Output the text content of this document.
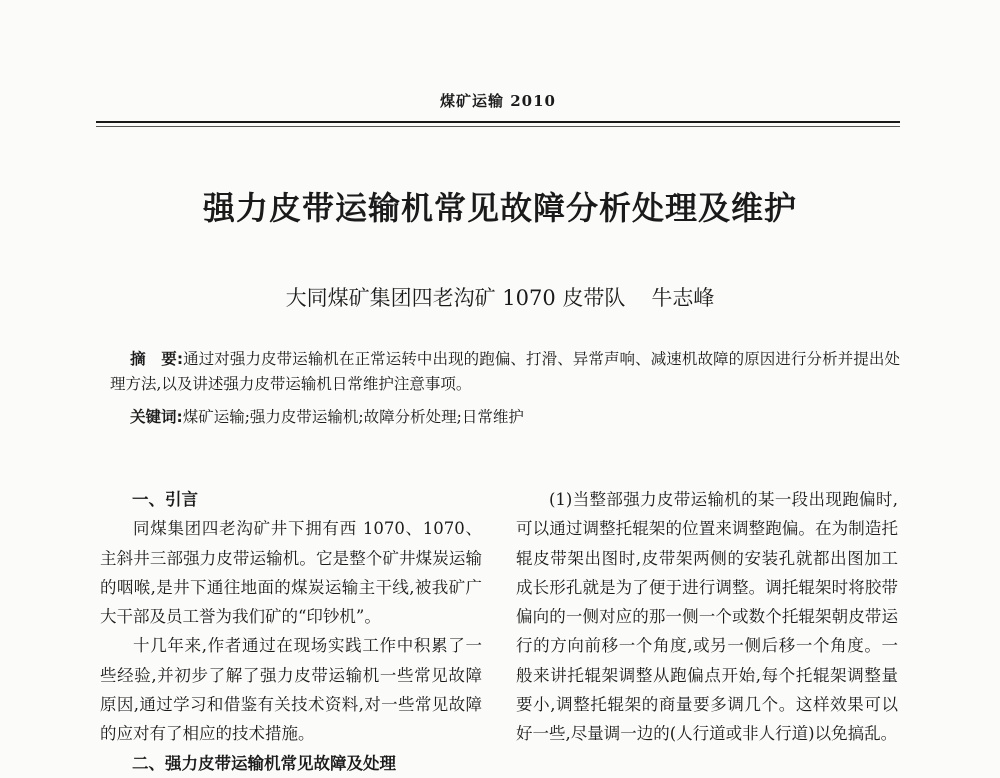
煤矿运输 2010
强力皮带运输机常见故障分析处理及维护
大同煤矿集团四老沟矿 1070 皮带队 牛志峰
摘　要:通过对强力皮带运输机在正常运转中出现的跑偏、打滑、异常声响、减速机故障的原因进行分析并提出处理方法,以及讲述强力皮带运输机日常维护注意事项。
关键词:煤矿运输;强力皮带运输机;故障分析处理;日常维护
一、引言

同煤集团四老沟矿井下拥有西 1070、1070、主斜井三部强力皮带运输机。它是整个矿井煤炭运输的咽喉,是井下通往地面的煤炭运输主干线,被我矿广大干部及员工誉为我们矿的“印钞机”。

十几年来,作者通过在现场实践工作中积累了一些经验,并初步了解了强力皮带运输机一些常见故障原因,通过学习和借鉴有关技术资料,对一些常见故障的应对有了相应的技术措施。

二、强力皮带运输机常见故障及处理

(1)当整部强力皮带运输机的某一段出现跑偏时,可以通过调整托辊架的位置来调整跑偏。在为制造托辊皮带架出图时,皮带架两侧的安装孔就都出图加工成长形孔就是为了便于进行调整。调托辊架时将胶带偏向的一侧对应的那一侧一个或数个托辊架朝皮带运行的方向前移一个角度,或另一侧后移一个角度。一般来讲托辊架调整从跑偏点开始,每个托辊架调整量要小,调整托辊架的商量要多调几个。这样效果可以好一些,尽量调一边的(人行道或非人行道)以免搞乱。
